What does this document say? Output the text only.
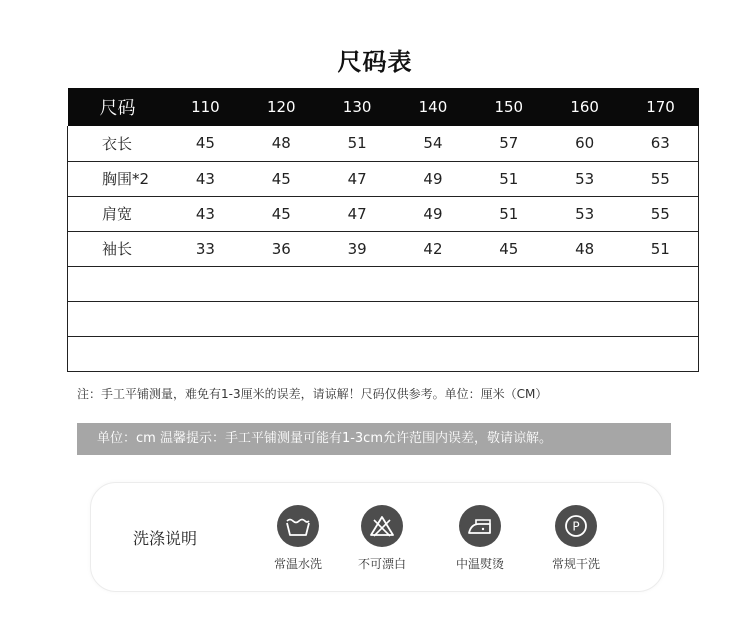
尺码表
尺码	110	120	130	140	150	160	170
衣长	45	48	51	54	57	60	63
胸围*2	43	45	47	49	51	53	55
肩宽	43	45	47	49	51	53	55
袖长	33	36	39	42	45	48	51

注：手工平铺测量，难免有1-3厘米的误差，请谅解！尺码仅供参考。单位：厘米（CM）
单位：cm 温馨提示：手工平铺测量可能有1-3cm允许范围内误差，敬请谅解。
洗涤说明
常温水洗	不可漂白	中温熨烫
P
常规干洗
